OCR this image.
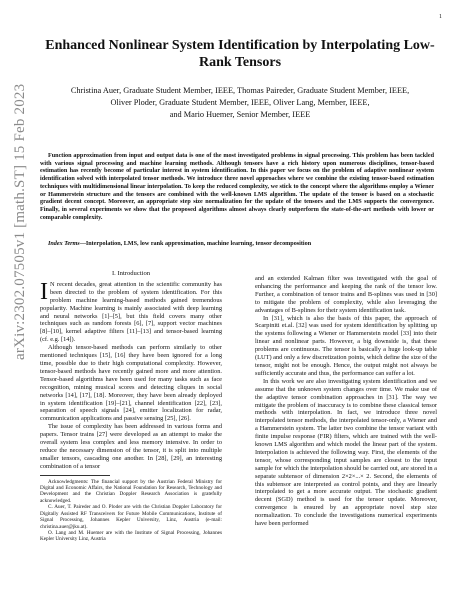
1
arXiv:2302.07505v1 [math.ST] 15 Feb 2023
Enhanced Nonlinear System Identification by Interpolating Low-Rank Tensors
Christina Auer, Graduate Student Member, IEEE, Thomas Paireder, Graduate Student Member, IEEE,
Oliver Ploder, Graduate Student Member, IEEE, Oliver Lang, Member, IEEE,
and Mario Huemer, Senior Member, IEEE
Function approximation from input and output data is one of the most investigated problems in signal processing. This problem has been tackled with various signal processing and machine learning methods. Although tensors have a rich history upon numerous disciplines, tensor-based estimation has recently become of particular interest in system identification. In this paper we focus on the problem of adaptive nonlinear system identification solved with interpolated tensor methods. We introduce three novel approaches where we combine the existing tensor-based estimation techniques with multidimensional linear interpolation. To keep the reduced complexity, we stick to the concept where the algorithms employ a Wiener or Hammerstein structure and the tensors are combined with the well-known LMS algorithm. The update of the tensor is based on a stochastic gradient decent concept. Moreover, an appropriate step size normalization for the update of the tensors and the LMS supports the convergence. Finally, in several experiments we show that the proposed algorithms almost always clearly outperform the state-of-the-art methods with lower or comparable complexity.
Index Terms—Interpolation, LMS, low rank approximation, machine learning, tensor decomposition
I. Introduction

I N recent decades, great attention in the scientific community has been directed to the problem of system identification. For this problem machine learning-based methods gained tremendous popularity. Machine learning is mainly associated with deep learning and neural networks [1]–[5], but this field covers many other techniques such as random forests [6], [7], support vector machines [8]–[10], kernel adaptive filters [11]–[13] and tensor-based learning (cf. e.g. [14]).

Although tensor-based methods can perform similarly to other mentioned techniques [15], [16] they have been ignored for a long time, possible due to their high computational complexity. However, tensor-based methods have recently gained more and more attention. Tensor-based algorithms have been used for many tasks such as face recognition, mining musical scores and detecting cliques in social networks [14], [17], [18]. Moreover, they have been already deployed in system identification [19]–[21], channel identification [22], [23], separation of speech signals [24], emitter localization for radar, communication applications and passive sensing [25], [26].

The issue of complexity has been addressed in various forms and papers. Tensor trains [27] were developed as an attempt to make the overall system less complex and less memory intensive. In order to reduce the necessary dimension of the tensor, it is split into multiple smaller tensors, cascading one another. In [28], [29], an interesting combination of a tensor

Acknowledgments: The financial support by the Austrian Federal Ministry for Digital and Economic Affairs, the National Foundation for Research, Technology and Development and the Christian Doppler Research Association is gratefully acknowledged.

C. Auer, T. Paireder and O. Ploder are with the Christian Doppler Laboratory for Digitally Assisted RF Transceivers for Future Mobile Communications, Institute of Signal Processing, Johannes Kepler University, Linz, Austria (e-mail: christina.auer@jku.at).

O. Lang and M. Huemer are with the Institute of Signal Processing, Johannes Kepler University Linz, Austria

and an extended Kalman filter was investigated with the goal of enhancing the performance and keeping the rank of the tensor low. Further, a combination of tensor trains and B-splines was used in [30] to mitigate the problem of complexity, while also leveraging the advantages of B-splines for their system identification task.

In [31], which is also the basis of this paper, the approach of Scarpiniti et.al. [32] was used for system identification by splitting up the systems following a Wiener or Hammerstein model [33] into their linear and nonlinear parts. However, a big downside is, that these problems are continuous. The tensor is basically a huge look-up table (LUT) and only a few discretization points, which define the size of the tensor, might not be enough. Hence, the output might not always be sufficiently accurate and thus, the performance can suffer a lot.

In this work we are also investigating system identification and we assume that the unknown system changes over time. We make use of the adaptive tensor combination approaches in [31]. The way we mitigate the problem of inaccuracy is to combine these classical tensor methods with interpolation. In fact, we introduce three novel interpolated tensor methods, the interpolated tensor-only, a Wiener and a Hammerstein system. The latter two combine the tensor variant with finite impulse response (FIR) filters, which are trained with the well-known LMS algorithm and which model the linear part of the system. Interpolation is achieved the following way. First, the elements of the tensor, whose corresponding input samples are closest to the input sample for which the interpolation should be carried out, are stored in a separate subtensor of dimension 2×2×...× 2. Second, the elements of this subtensor are interpreted as control points, and they are linearly interpolated to get a more accurate output. The stochastic gradient decent (SGD) method is used for the tensor update. Moreover, convergence is ensured by an appropriate novel step size normalization. To conclude the investigations numerical experiments have been performed
